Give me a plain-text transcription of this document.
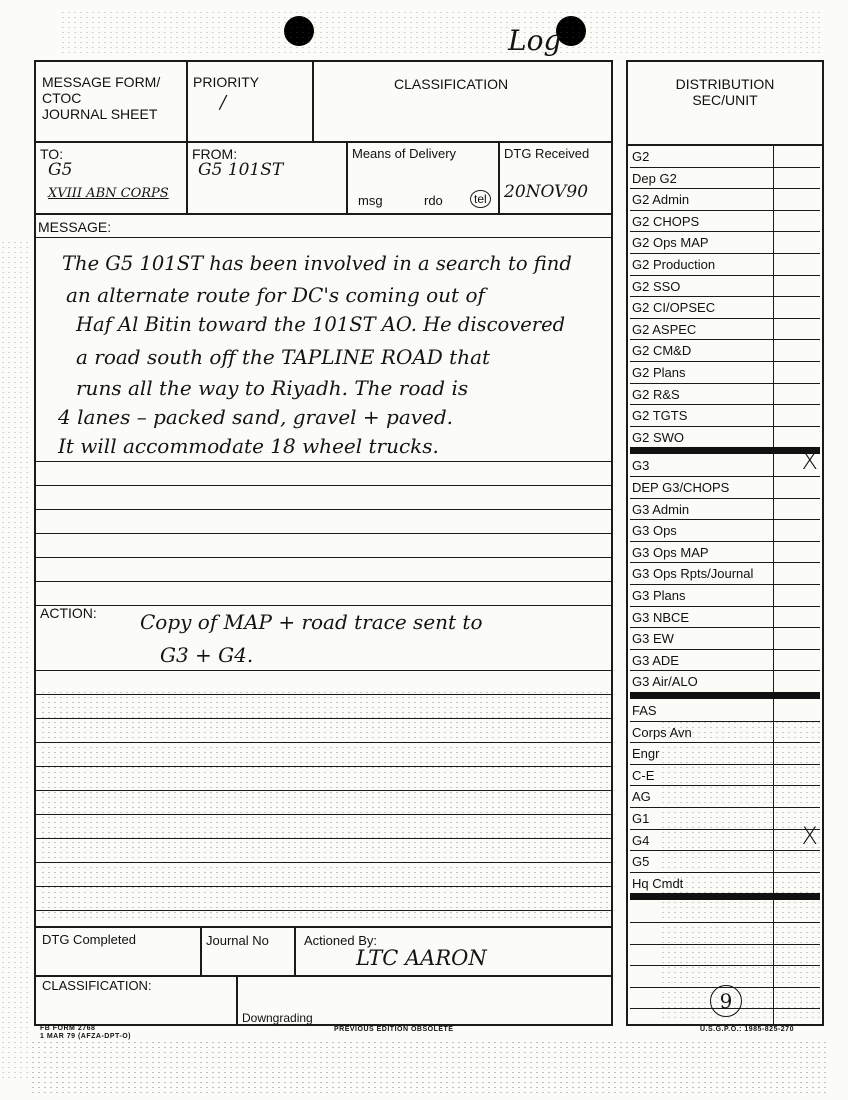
Log
MESSAGE FORM/
CTOC
JOURNAL SHEET
PRIORITY
/
CLASSIFICATION
TO:
G5
XVIII ABN CORPS
FROM:
G5 101ST
Means of Delivery
msg	rdo	tel
DTG Received
20NOV90
MESSAGE:
The G5 101ST has been involved in a search to find
an alternate route for DC's coming out of
Haf Al Bitin toward the 101ST AO. He discovered
a road south off the TAPLINE ROAD that
runs all the way to Riyadh. The road is
4 lanes – packed sand, gravel + paved.
It will accommodate 18 wheel trucks.
ACTION: Copy of MAP + road trace sent to
G3 + G4.
DTG Completed	Journal No	Actioned By:
LTC AARON
CLASSIFICATION:
Downgrading
FB FORM 2768
1 MAR 79 (AFZA-DPT-O)
PREVIOUS EDITION OBSOLETE	U.S.G.P.O.: 1985-825-270
DISTRIBUTION
SEC/UNIT
G2
Dep G2
G2 Admin
G2 CHOPS
G2 Ops MAP
G2 Production
G2 SSO
G2 CI/OPSEC
G2 ASPEC
G2 CM&D
G2 Plans
G2 R&S
G2 TGTS
G2 SWO
G3	X
DEP G3/CHOPS
G3 Admin
G3 Ops
G3 Ops MAP
G3 Ops Rpts/Journal
G3 Plans
G3 NBCE
G3 EW
G3 ADE
G3 Air/ALO
FAS
Corps Avn
Engr
C-E
AG
G1
G4	X
G5
Hq Cmdt
9
